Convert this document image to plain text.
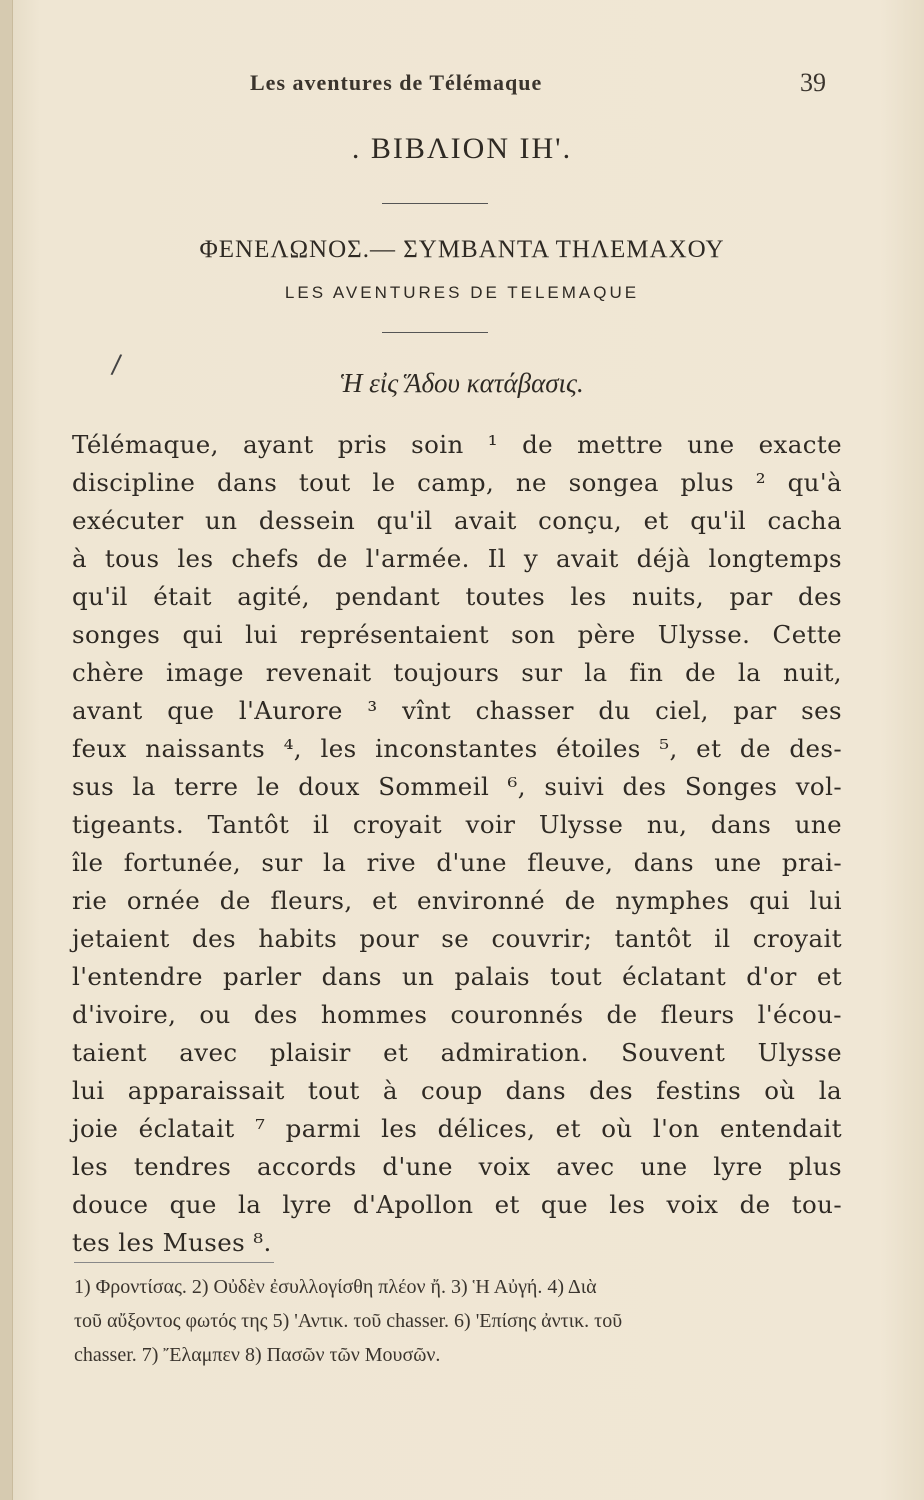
Les aventures de Télémaque	39
. BIBΛION IH'.
ΦENEΛΩNOΣ.— ΣΥΜΒΑΝΤΑ ΤΗΛΕΜΑΧΟΥ
LES AVENTURES DE TELEMAQUE
/
Ἡ εἰς Ἅδου κατάβασις.
Télémaque, ayant pris soin ¹ de mettre une exacte
discipline dans tout le camp, ne songea plus ² qu'à
exécuter un dessein qu'il avait conçu, et qu'il cacha
à tous les chefs de l'armée. Il y avait déjà longtemps
qu'il était agité, pendant toutes les nuits, par des
songes qui lui représentaient son père Ulysse. Cette
chère image revenait toujours sur la fin de la nuit,
avant que l'Aurore ³ vînt chasser du ciel, par ses
feux naissants ⁴, les inconstantes étoiles ⁵, et de des-
sus la terre le doux Sommeil ⁶, suivi des Songes vol-
tigeants. Tantôt il croyait voir Ulysse nu, dans une
île fortunée, sur la rive d'une fleuve, dans une prai-
rie ornée de fleurs, et environné de nymphes qui lui
jetaient des habits pour se couvrir; tantôt il croyait
l'entendre parler dans un palais tout éclatant d'or et
d'ivoire, ou des hommes couronnés de fleurs l'écou-
taient avec plaisir et admiration. Souvent Ulysse
lui apparaissait tout à coup dans des festins où la
joie éclatait ⁷ parmi les délices, et où l'on entendait
les tendres accords d'une voix avec une lyre plus
douce que la lyre d'Apollon et que les voix de tou-
tes les Muses ⁸.
1) Φροντίσας. 2) Οὐδὲν ἐσυλλογίσθη πλέον ἤ. 3) Ἡ Αὐγή. 4) Διὰ
τοῦ αὔξοντος φωτός της 5) 'Αντικ. τοῦ chasser. 6) 'Επίσης ἀντικ. τοῦ
chasser. 7) Ἔλαμπεν 8) Πασῶν τῶν Μουσῶν.
